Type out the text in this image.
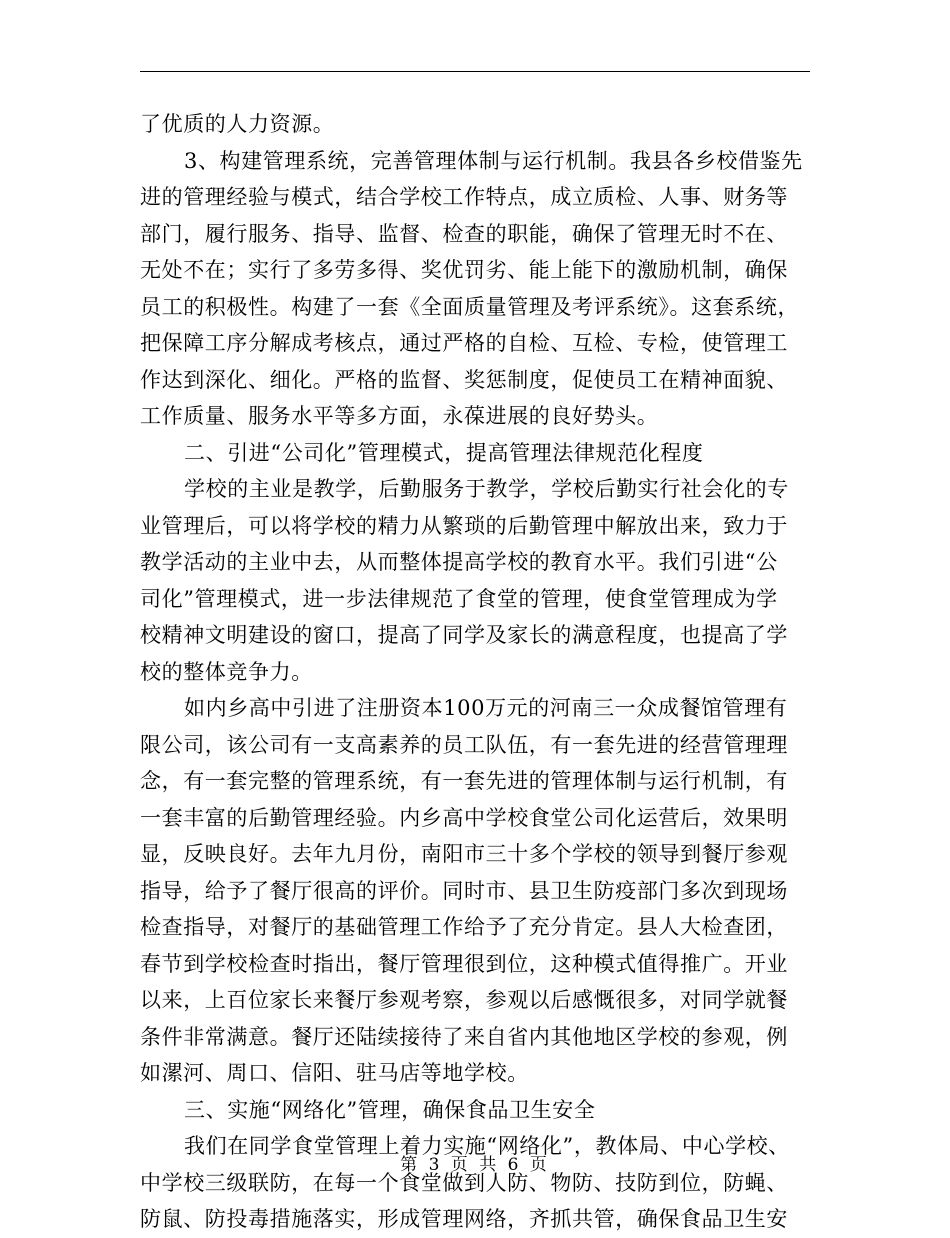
了优质的人力资源。
3、构建管理系统，完善管理体制与运行机制。我县各乡校借鉴先
进的管理经验与模式，结合学校工作特点，成立质检、人事、财务等
部门，履行服务、指导、监督、检查的职能，确保了管理无时不在、
无处不在；实行了多劳多得、奖优罚劣、能上能下的激励机制，确保
员工的积极性。构建了一套《全面质量管理及考评系统》。这套系统，
把保障工序分解成考核点，通过严格的自检、互检、专检，使管理工
作达到深化、细化。严格的监督、奖惩制度，促使员工在精神面貌、
工作质量、服务水平等多方面，永葆进展的良好势头。
二、引进“公司化”管理模式，提高管理法律规范化程度
学校的主业是教学，后勤服务于教学，学校后勤实行社会化的专
业管理后，可以将学校的精力从繁琐的后勤管理中解放出来，致力于
教学活动的主业中去，从而整体提高学校的教育水平。我们引进“公
司化”管理模式，进一步法律规范了食堂的管理，使食堂管理成为学
校精神文明建设的窗口，提高了同学及家长的满意程度，也提高了学
校的整体竞争力。
如内乡高中引进了注册资本100万元的河南三一众成餐馆管理有
限公司，该公司有一支高素养的员工队伍，有一套先进的经营管理理
念，有一套完整的管理系统，有一套先进的管理体制与运行机制，有
一套丰富的后勤管理经验。内乡高中学校食堂公司化运营后，效果明
显，反映良好。去年九月份，南阳市三十多个学校的领导到餐厅参观
指导，给予了餐厅很高的评价。同时市、县卫生防疫部门多次到现场
检查指导，对餐厅的基础管理工作给予了充分肯定。县人大检查团，
春节到学校检查时指出，餐厅管理很到位，这种模式值得推广。开业
以来，上百位家长来餐厅参观考察，参观以后感慨很多，对同学就餐
条件非常满意。餐厅还陆续接待了来自省内其他地区学校的参观，例
如漯河、周口、信阳、驻马店等地学校。
三、实施“网络化”管理，确保食品卫生安全
我们在同学食堂管理上着力实施“网络化”，教体局、中心学校、
中学校三级联防，在每一个食堂做到人防、物防、技防到位，防蝇、
防鼠、防投毒措施落实，形成管理网络，齐抓共管，确保食品卫生安
第 3 页 共 6 页
